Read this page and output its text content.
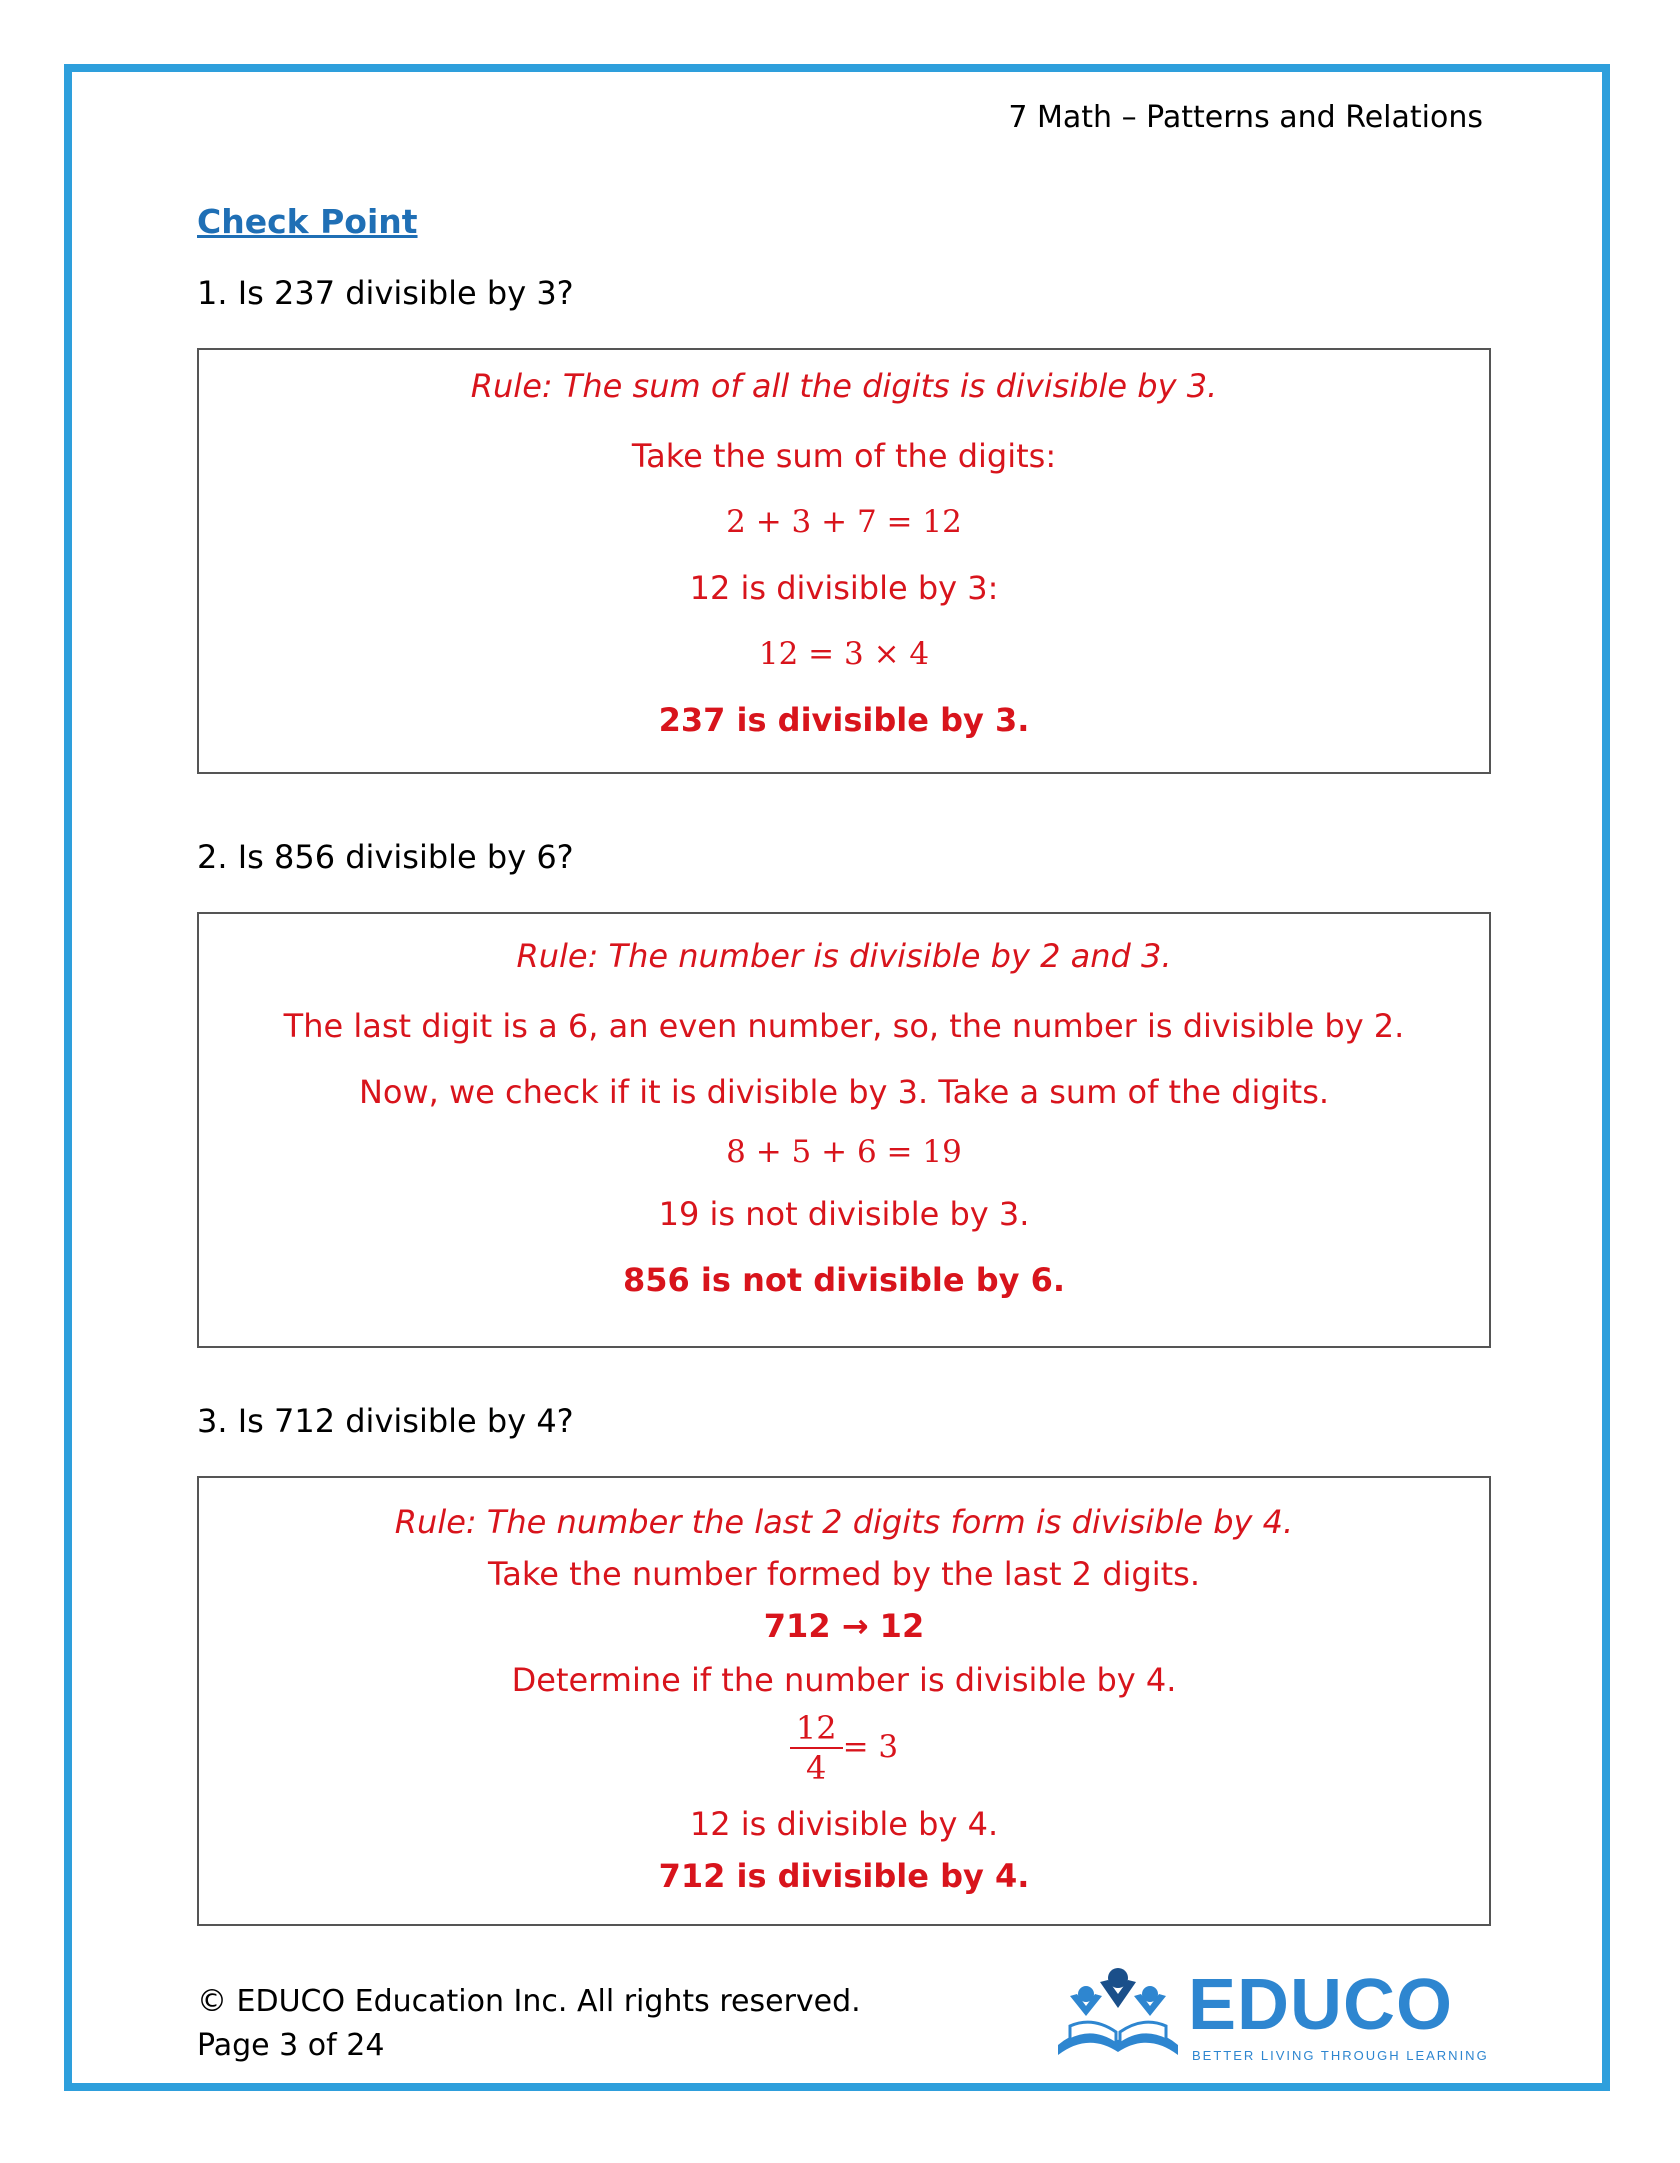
7 Math – Patterns and Relations
Check Point
1. Is 237 divisible by 3?
Rule: The sum of all the digits is divisible by 3.
Take the sum of the digits:
2 + 3 + 7 = 12
12 is divisible by 3:
12 = 3 × 4
237 is divisible by 3.
2. Is 856 divisible by 6?
Rule: The number is divisible by 2 and 3.
The last digit is a 6, an even number, so, the number is divisible by 2.
Now, we check if it is divisible by 3. Take a sum of the digits.
8 + 5 + 6 = 19
19 is not divisible by 3.
856 is not divisible by 6.
3. Is 712 divisible by 4?
Rule: The number the last 2 digits form is divisible by 4.
Take the number formed by the last 2 digits.
712 → 12
Determine if the number is divisible by 4.
$\frac{12}{4} = 3$
12 is divisible by 4.
712 is divisible by 4.
© EDUCO Education Inc. All rights reserved.
Page 3 of 24
EDUCO
BETTER LIVING THROUGH LEARNING
